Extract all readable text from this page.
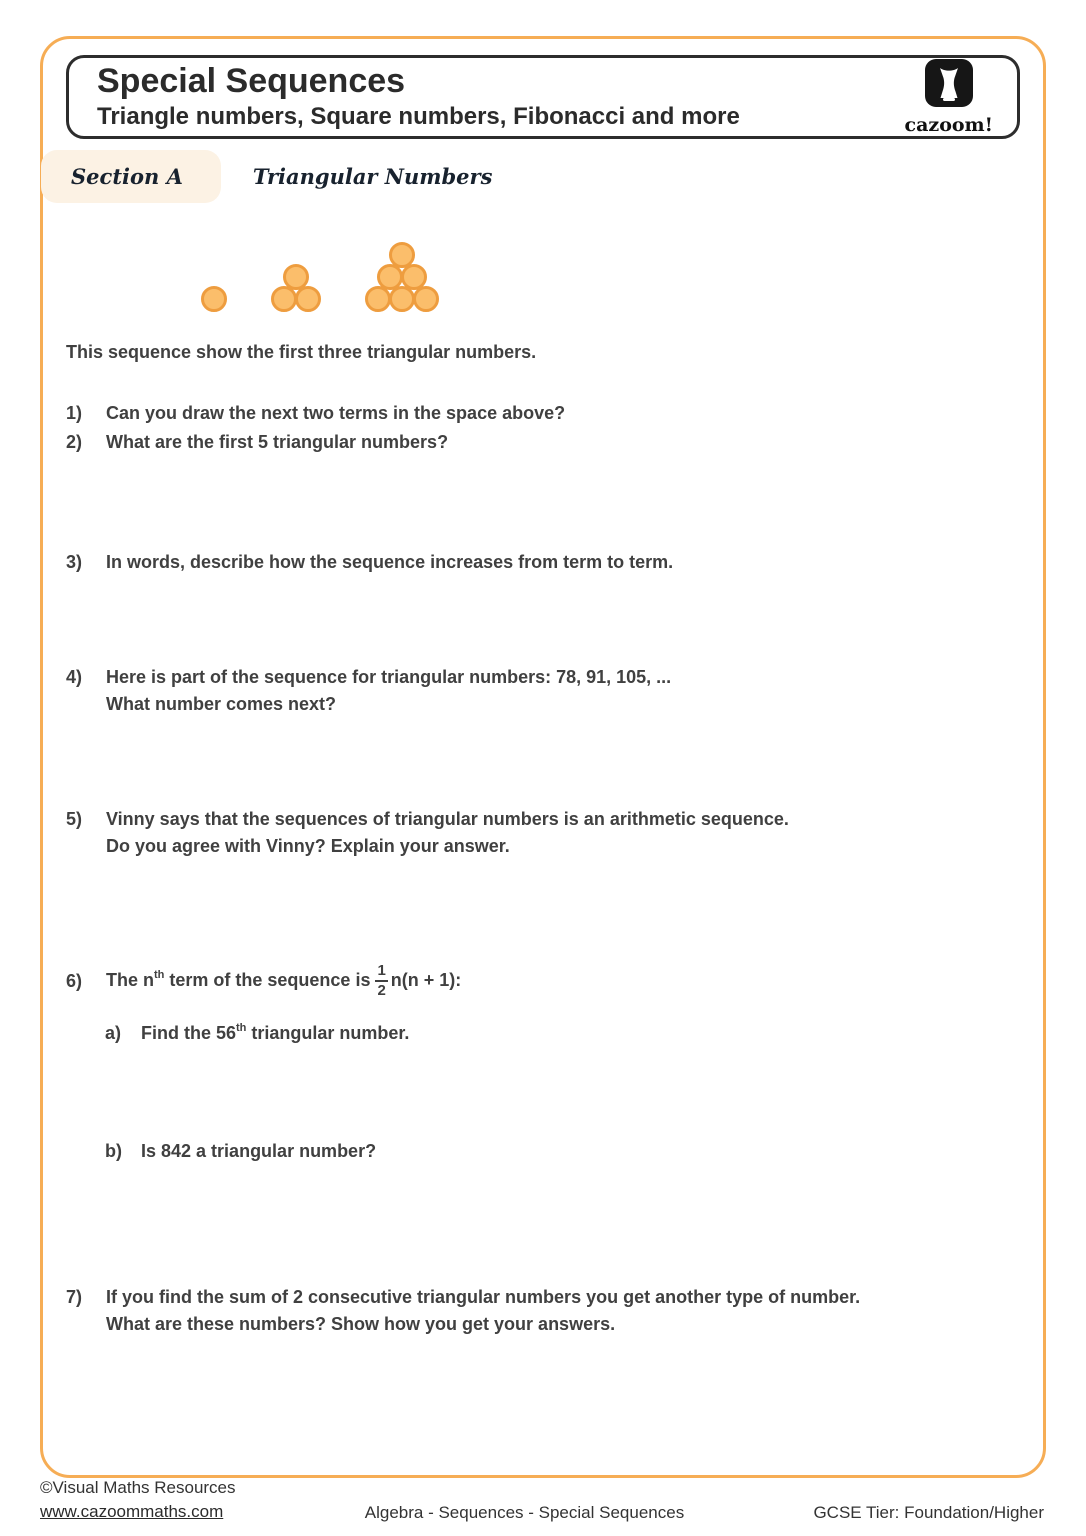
Special Sequences
Triangle numbers, Square numbers, Fibonacci and more	cazoom!
Section A	Triangular Numbers
This sequence show the first three triangular numbers.
1)	Can you draw the next two terms in the space above?
2)	What are the first 5 triangular numbers?
3)	In words, describe how the sequence increases from term to term.
4)	Here is part of the sequence for triangular numbers: 78, 91, 105, ...
What number comes next?
5)	Vinny says that the sequences of triangular numbers is an arithmetic sequence.
Do you agree with Vinny? Explain your answer.
6)	The $n^{th}$ term of the sequence is $\frac{1}{2} n(n + 1)$:
a)	Find the 56th triangular number.
b)	Is 842 a triangular number?
7)	If you find the sum of 2 consecutive triangular numbers you get another type of number.
What are these numbers? Show how you get your answers.
©Visual Maths Resources
www.cazoommaths.com	Algebra - Sequences - Special Sequences	GCSE Tier: Foundation/Higher
